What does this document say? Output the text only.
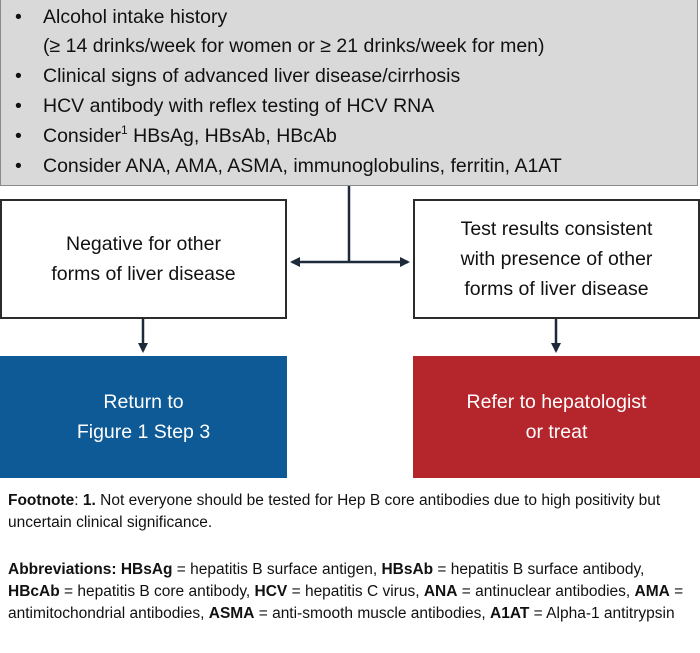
• Alcohol intake history
(≥ 14 drinks/week for women or ≥ 21 drinks/week for men)
• Clinical signs of advanced liver disease/cirrhosis
• HCV antibody with reflex testing of HCV RNA
• Consider$^1$ HBsAg, HBsAb, HBcAb
• Consider ANA, AMA, ASMA, immunoglobulins, ferritin, A1AT
Negative for other
forms of liver disease
Test results consistent
with presence of other
forms of liver disease
Return to
Figure 1 Step 3
Refer to hepatologist
or treat
Footnote: 1. Not everyone should be tested for Hep B core antibodies due to high positivity but uncertain clinical significance.
Abbreviations: HBsAg = hepatitis B surface antigen, HBsAb = hepatitis B surface antibody, HBcAb = hepatitis B core antibody, HCV = hepatitis C virus, ANA = antinuclear antibodies, AMA = antimitochondrial antibodies, ASMA = anti-smooth muscle antibodies, A1AT = Alpha-1 antitrypsin
